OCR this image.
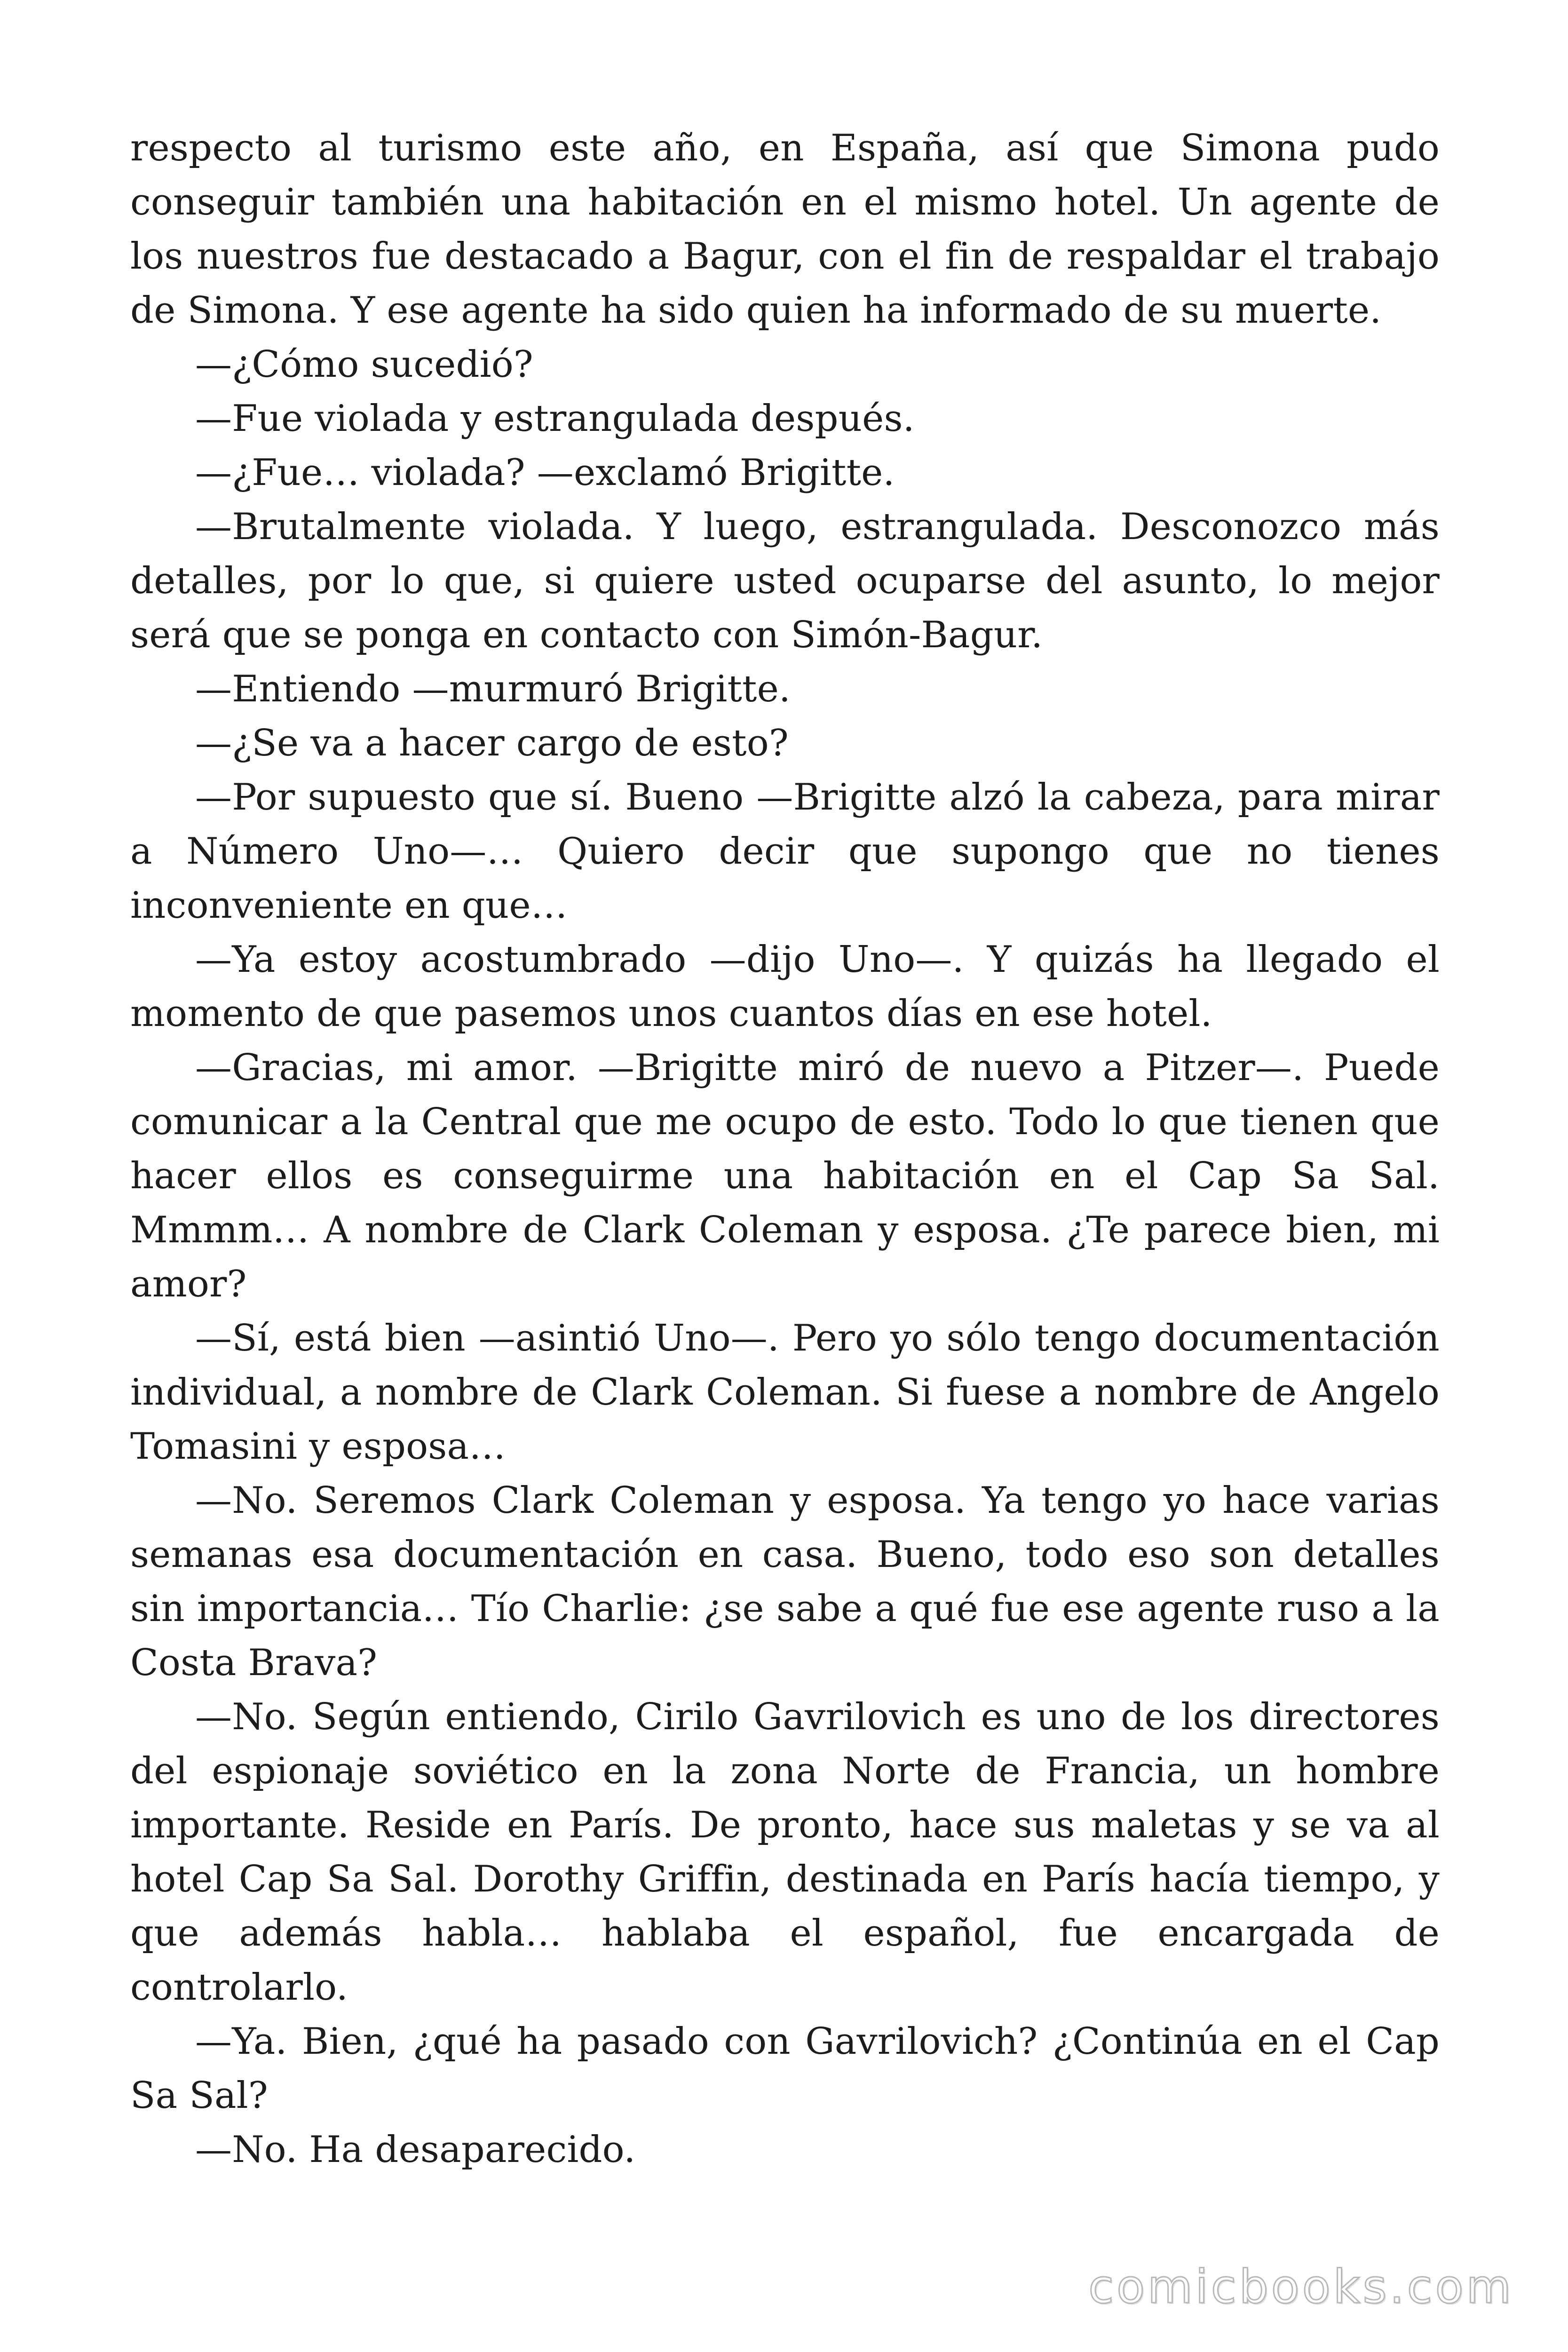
respecto al turismo este año, en España, así que Simona pudo conseguir también una habitación en el mismo hotel. Un agente de los nuestros fue destacado a Bagur, con el fin de respaldar el trabajo de Simona. Y ese agente ha sido quien ha informado de su muerte.

—¿Cómo sucedió?

—Fue violada y estrangulada después.

—¿Fue… violada? —exclamó Brigitte.

—Brutalmente violada. Y luego, estrangulada. Desconozco más detalles, por lo que, si quiere usted ocuparse del asunto, lo mejor será que se ponga en contacto con Simón-Bagur.

—Entiendo —murmuró Brigitte.

—¿Se va a hacer cargo de esto?

—Por supuesto que sí. Bueno —Brigitte alzó la cabeza, para mirar a Número Uno—… Quiero decir que supongo que no tienes inconveniente en que…

—Ya estoy acostumbrado —dijo Uno—. Y quizás ha llegado el momento de que pasemos unos cuantos días en ese hotel.

—Gracias, mi amor. —Brigitte miró de nuevo a Pitzer—. Puede comunicar a la Central que me ocupo de esto. Todo lo que tienen que hacer ellos es conseguirme una habitación en el Cap Sa Sal. Mmmm… A nombre de Clark Coleman y esposa. ¿Te parece bien, mi amor?

—Sí, está bien —asintió Uno—. Pero yo sólo tengo documentación individual, a nombre de Clark Coleman. Si fuese a nombre de Angelo Tomasini y esposa…

—No. Seremos Clark Coleman y esposa. Ya tengo yo hace varias semanas esa documentación en casa. Bueno, todo eso son detalles sin importancia… Tío Charlie: ¿se sabe a qué fue ese agente ruso a la Costa Brava?

—No. Según entiendo, Cirilo Gavrilovich es uno de los directores del espionaje soviético en la zona Norte de Francia, un hombre importante. Reside en París. De pronto, hace sus maletas y se va al hotel Cap Sa Sal. Dorothy Griffin, destinada en París hacía tiempo, y que además habla… hablaba el español, fue encargada de controlarlo.

—Ya. Bien, ¿qué ha pasado con Gavrilovich? ¿Continúa en el Cap Sa Sal?

—No. Ha desaparecido.

comicbooks.com
